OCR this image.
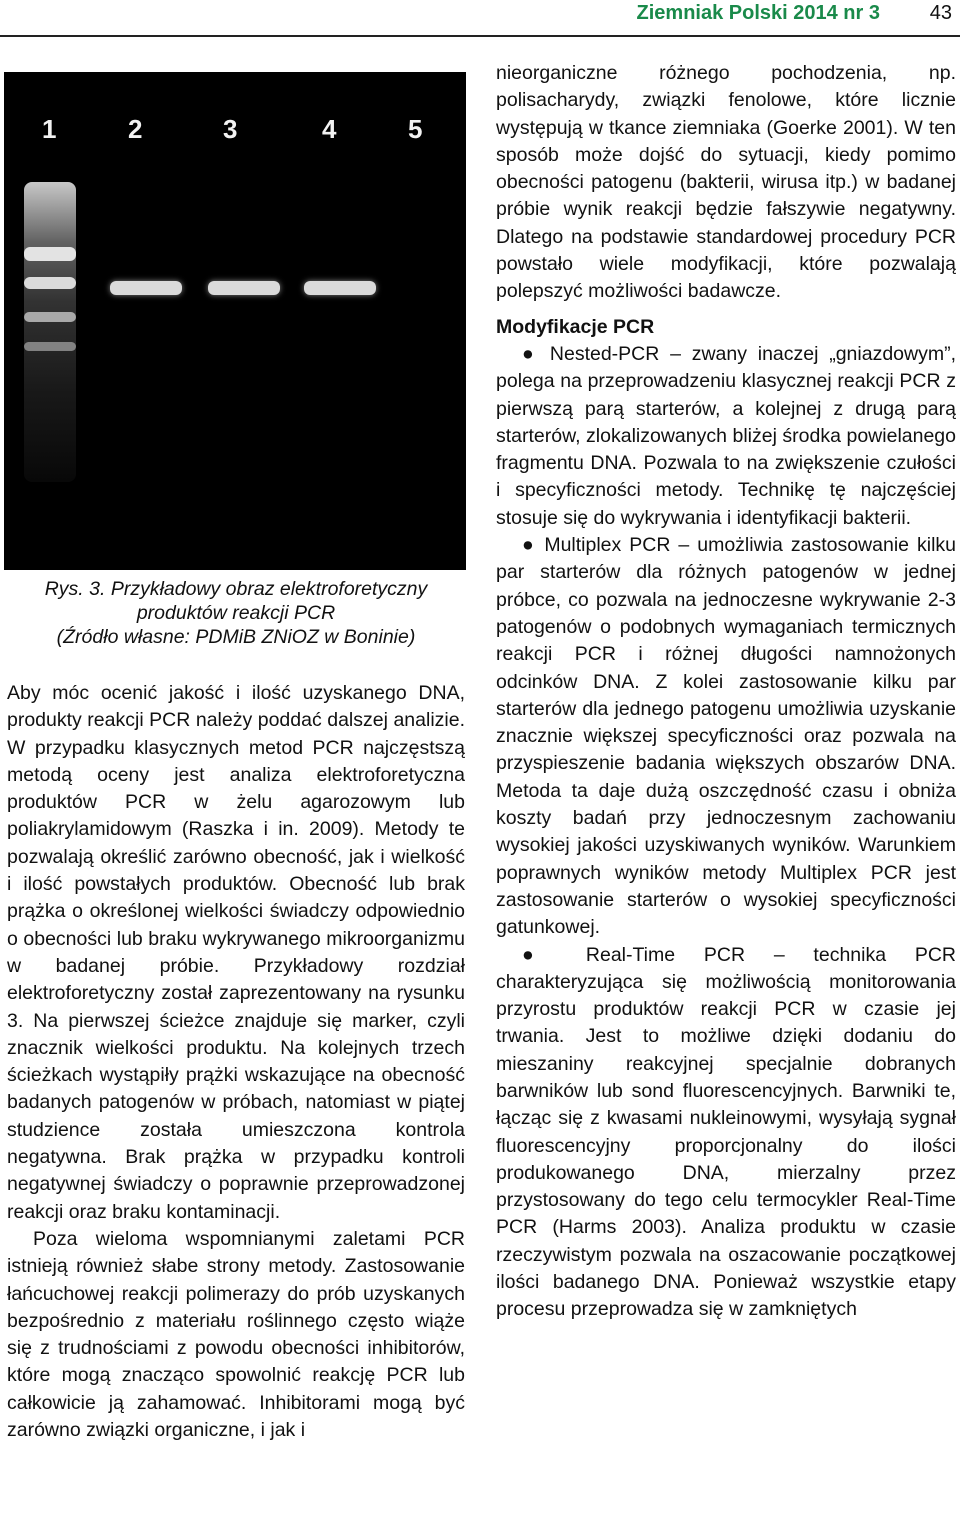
Ziemniak Polski 2014 nr 3 43
1	2	3	4	5
Rys. 3. Przykładowy obraz elektroforetyczny
produktów reakcji PCR
(Źródło własne: PDMiB ZNiOZ w Boninie)

Aby móc ocenić jakość i ilość uzyskanego DNA, produkty reakcji PCR należy poddać dalszej analizie. W przypadku klasycznych metod PCR najczęstszą metodą oceny jest analiza elektroforetyczna produktów PCR w żelu agarozowym lub poliakrylamidowym (Raszka i in. 2009). Metody te pozwalają określić zarówno obecność, jak i wielkość i ilość powstałych produktów. Obecność lub brak prążka o określonej wielkości świadczy odpowiednio o obecności lub braku wykrywanego mikroorganizmu w badanej próbie. Przykładowy rozdział elektroforetyczny został zaprezentowany na rysunku 3. Na pierwszej ścieżce znajduje się marker, czyli znacznik wielkości produktu. Na kolejnych trzech ścieżkach wystąpiły prążki wskazujące na obecność badanych patogenów w próbach, natomiast w piątej studzience została umieszczona kontrola negatywna. Brak prążka w przypadku kontroli negatywnej świadczy o poprawnie przeprowadzonej reakcji oraz braku kontaminacji.

Poza wieloma wspomnianymi zaletami PCR istnieją również słabe strony metody. Zastosowanie łańcuchowej reakcji polimerazy do prób uzyskanych bezpośrednio z materiału roślinnego często wiąże się z trudnościami z powodu obecności inhibitorów, które mogą znacząco spowolnić reakcję PCR lub całkowicie ją zahamować. Inhibitorami mogą być zarówno związki organiczne, i jak i

nieorganiczne różnego pochodzenia, np. polisacharydy, związki fenolowe, które licznie występują w tkance ziemniaka (Goerke 2001). W ten sposób może dojść do sytuacji, kiedy pomimo obecności patogenu (bakterii, wirusa itp.) w badanej próbie wynik reakcji będzie fałszywie negatywny. Dlatego na podstawie standardowej procedury PCR powstało wiele modyfikacji, które pozwalają polepszyć możliwości badawcze.

Modyfikacje PCR

● Nested-PCR – zwany inaczej „gniazdowym”, polega na przeprowadzeniu klasycznej reakcji PCR z pierwszą parą starterów, a kolejnej z drugą parą starterów, zlokalizowanych bliżej środka powielanego fragmentu DNA. Pozwala to na zwiększenie czułości i specyficzności metody. Technikę tę najczęściej stosuje się do wykrywania i identyfikacji bakterii.

● Multiplex PCR – umożliwia zastosowanie kilku par starterów dla różnych patogenów w jednej próbce, co pozwala na jednoczesne wykrywanie 2-3 patogenów o podobnych wymaganiach termicznych reakcji PCR i różnej długości namnożonych odcinków DNA. Z kolei zastosowanie kilku par starterów dla jednego patogenu umożliwia uzyskanie znacznie większej specyficzności oraz pozwala na przyspieszenie badania większych obszarów DNA. Metoda ta daje dużą oszczędność czasu i obniża koszty badań przy jednoczesnym zachowaniu wysokiej jakości uzyskiwanych wyników. Warunkiem poprawnych wyników metody Multiplex PCR jest zastosowanie starterów o wysokiej specyficzności gatunkowej.

● Real-Time PCR – technika PCR charakteryzująca się możliwością monitorowania przyrostu produktów reakcji PCR w czasie jej trwania. Jest to możliwe dzięki dodaniu do mieszaniny reakcyjnej specjalnie dobranych barwników lub sond fluorescencyjnych. Barwniki te, łącząc się z kwasami nukleinowymi, wysyłają sygnał fluorescencyjny proporcjonalny do ilości produkowanego DNA, mierzalny przez przystosowany do tego celu termocykler Real-Time PCR (Harms 2003). Analiza produktu w czasie rzeczywistym pozwala na oszacowanie początkowej ilości badanego DNA. Ponieważ wszystkie etapy procesu przeprowadza się w zamkniętych
